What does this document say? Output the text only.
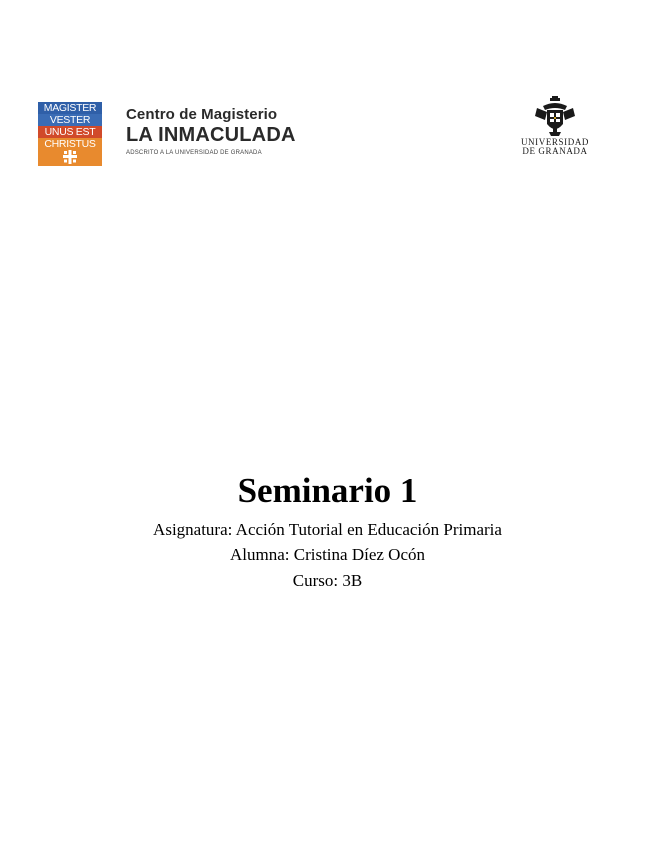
MAGISTER
VESTER
UNUS EST
CHRISTUS
Centro de Magisterio
LA INMACULADA
ADSCRITO A LA UNIVERSIDAD DE GRANADA
UNIVERSIDAD
DE GRANADA
Seminario 1
Asignatura: Acción Tutorial en Educación Primaria
Alumna: Cristina Díez Ocón
Curso: 3B
